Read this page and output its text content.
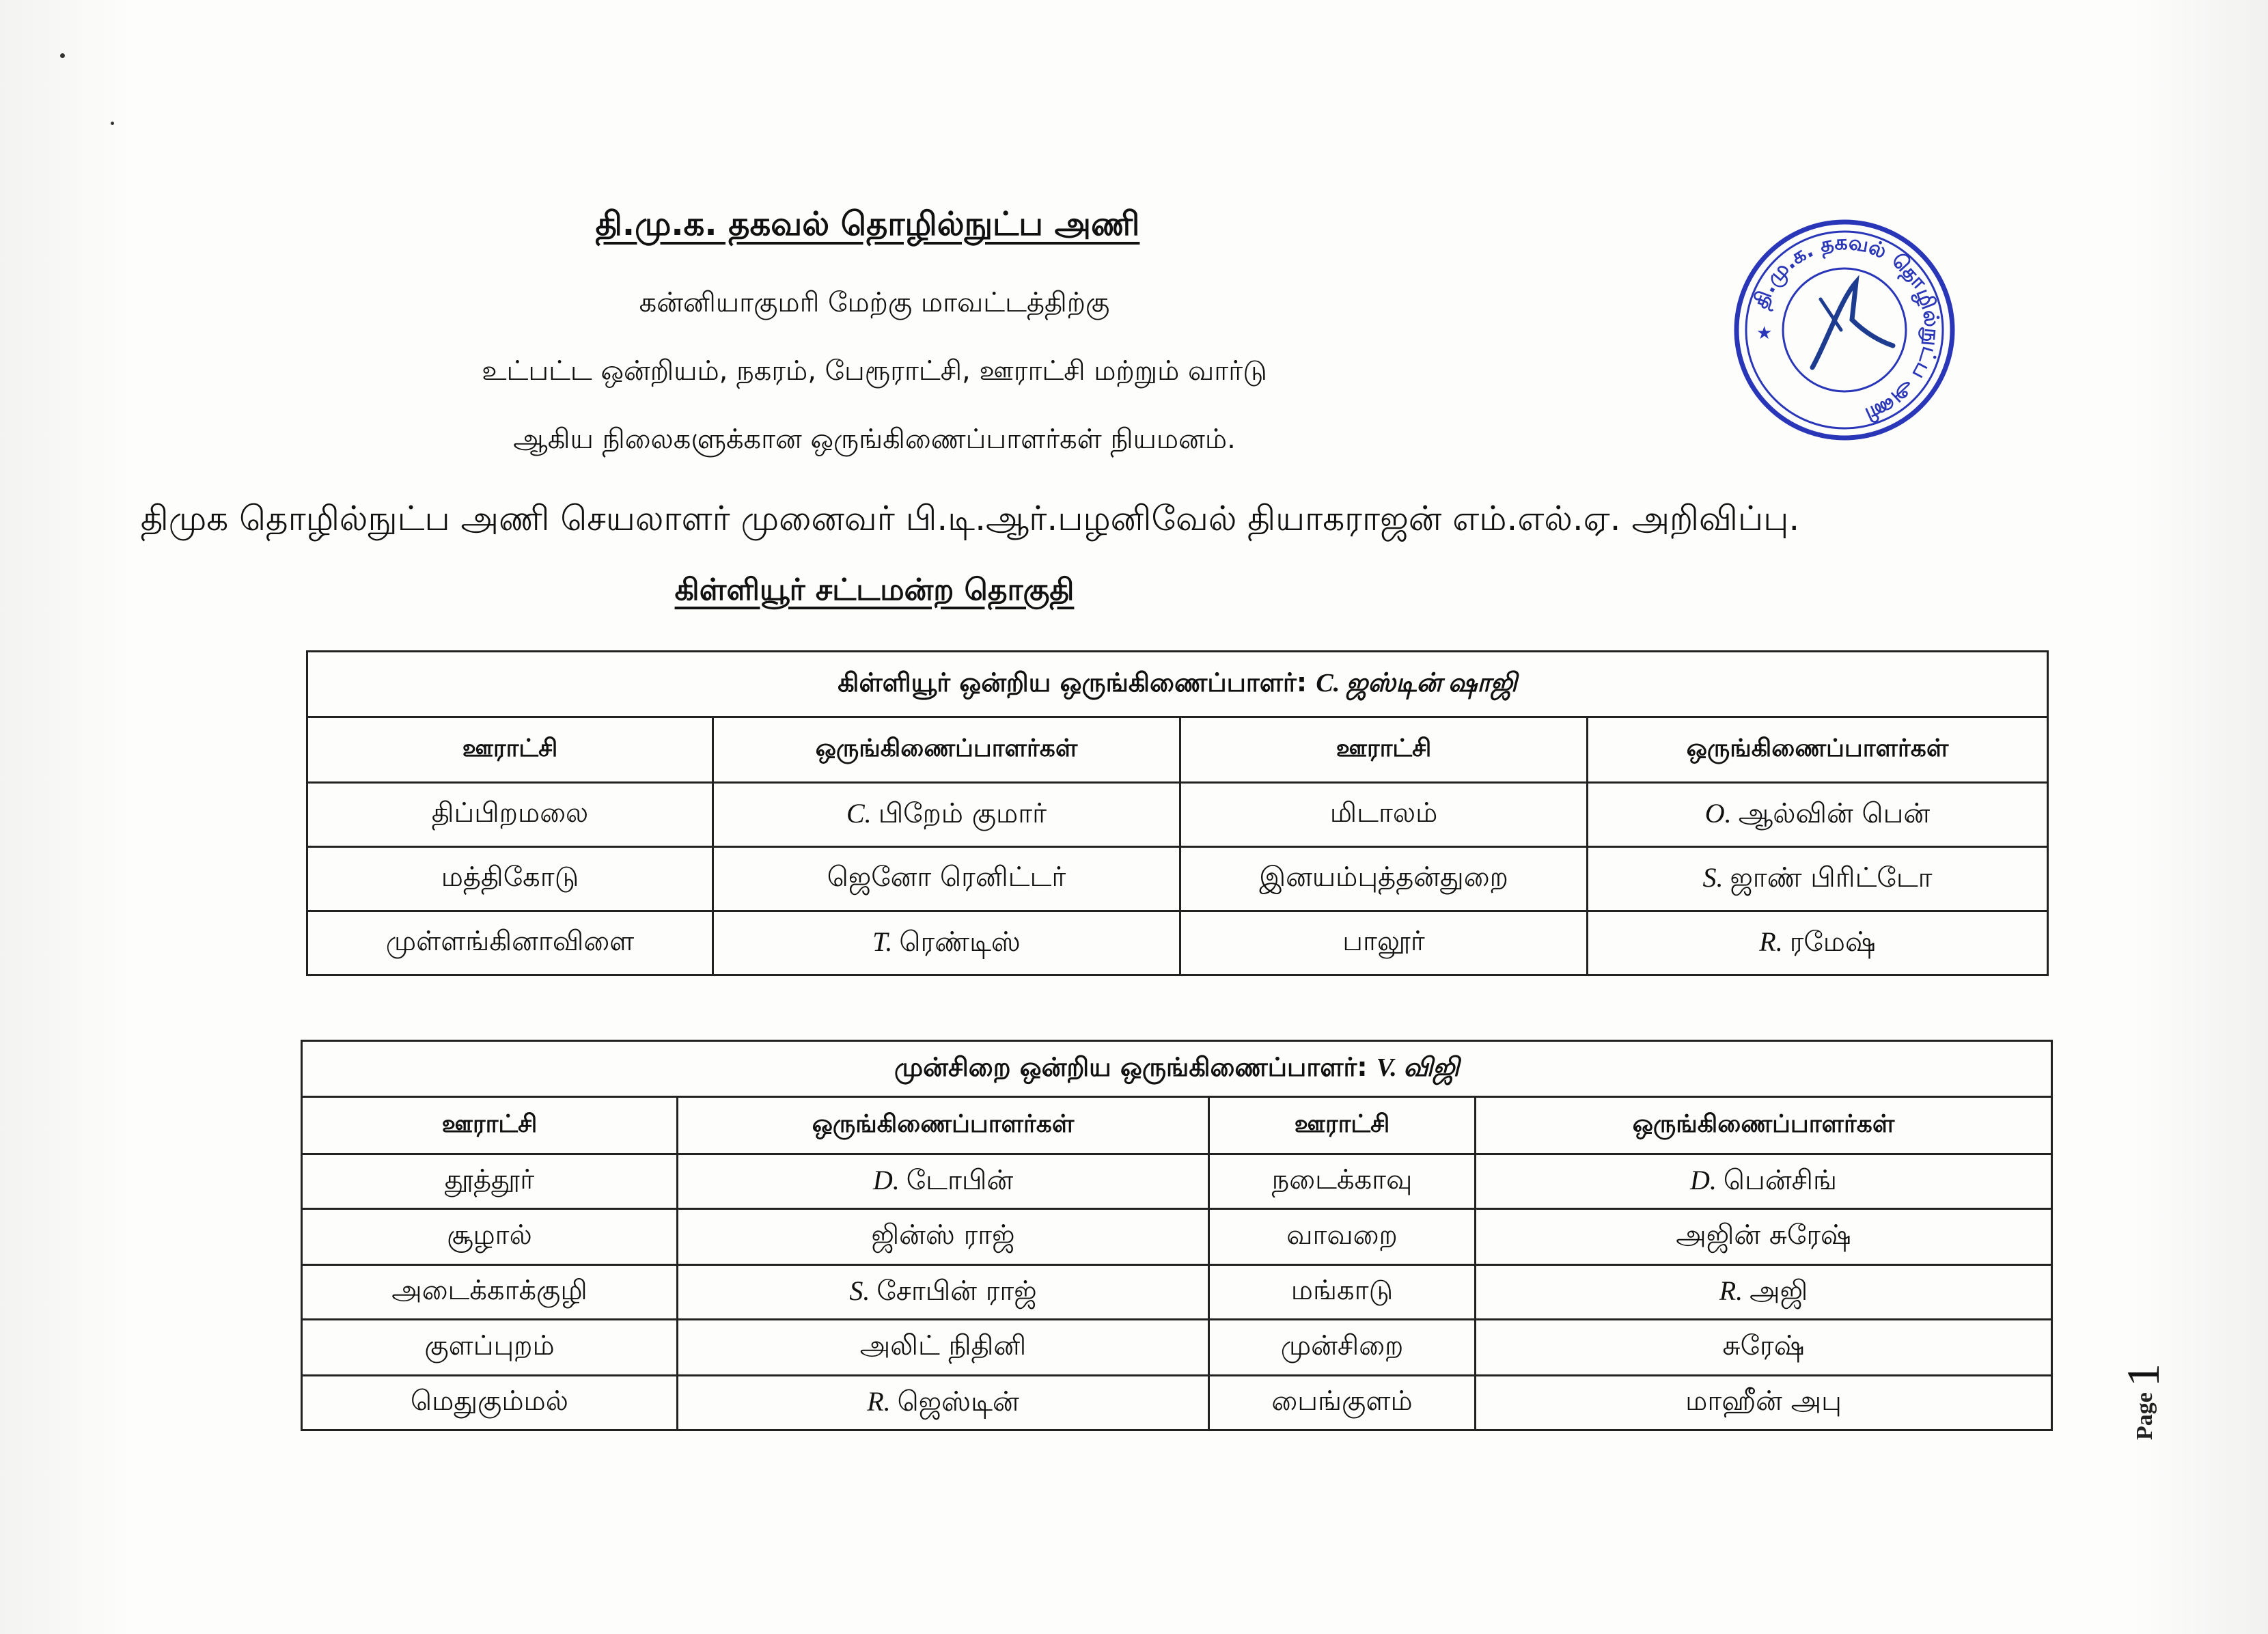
தி.மு.க. தகவல் தொழில்நுட்ப அணி
கன்னியாகுமரி மேற்கு மாவட்டத்திற்கு
உட்பட்ட ஒன்றியம், நகரம், பேரூராட்சி, ஊராட்சி மற்றும் வார்டு
ஆகிய நிலைகளுக்கான ஒருங்கிணைப்பாளர்கள் நியமனம்.
திமுக தொழில்நுட்ப அணி செயலாளர் முனைவர் பி.டி.ஆர்.பழனிவேல் தியாகராஜன் எம்.எல்.ஏ. அறிவிப்பு.
கிள்ளியூர் சட்டமன்ற தொகுதி
தி.மு.க. தகவல் தொழில்நுட்ப அணி
★
கிள்ளியூர் ஒன்றிய ஒருங்கிணைப்பாளர்: C. ஜஸ்டின் ஷாஜி			
ஊராட்சி	ஒருங்கிணைப்பாளர்கள்	ஊராட்சி	ஒருங்கிணைப்பாளர்கள்
திப்பிறமலை	C. பிறேம் குமார்	மிடாலம்	O. ஆல்வின் பென்
மத்திகோடு	ஜெனோ ரெனிட்டர்	இனயம்புத்தன்துறை	S. ஜாண் பிரிட்டோ
முள்ளங்கினாவிளை	T. ரெண்டிஸ்	பாலூர்	R. ரமேஷ்
முன்சிறை ஒன்றிய ஒருங்கிணைப்பாளர்: V. விஜி			
ஊராட்சி	ஒருங்கிணைப்பாளர்கள்	ஊராட்சி	ஒருங்கிணைப்பாளர்கள்
தூத்தூர்	D. டோபின்	நடைக்காவு	D. பென்சிங்
சூழால்	ஜின்ஸ் ராஜ்	வாவறை	அஜின் சுரேஷ்
அடைக்காக்குழி	S. சோபின் ராஜ்	மங்காடு	R. அஜி
குளப்புறம்	அலிட் நிதினி	முன்சிறை	சுரேஷ்
மெதுகும்மல்	R. ஜெஸ்டின்	பைங்குளம்	மாஹீன் அபு	Page
1
